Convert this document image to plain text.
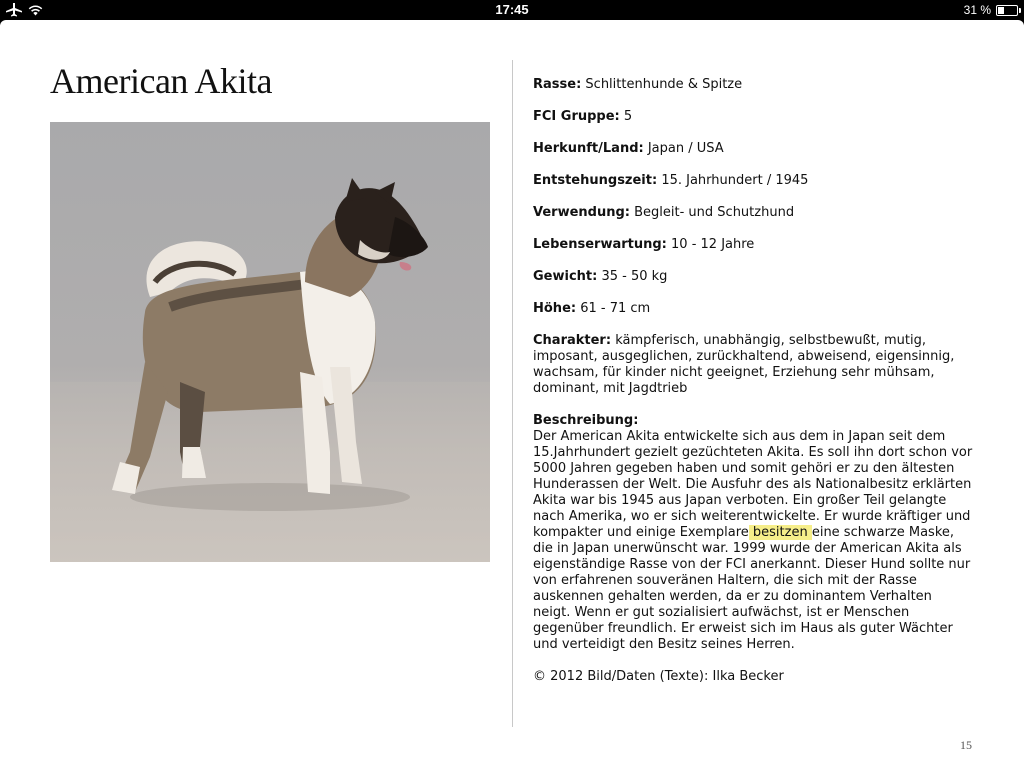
17:45	31 %
American Akita	Rasse: Schlittenhunde & Spitze
FCI Gruppe: 5
Herkunft/Land: Japan / USA
Entstehungszeit: 15. Jahrhundert / 1945
Verwendung: Begleit- und Schutzhund
Lebenserwartung: 10 - 12 Jahre
Gewicht: 35 - 50 kg
Höhe: 61 - 71 cm
Charakter: kämpferisch, unabhängig, selbstbewußt, mutig, imposant, ausgeglichen, zurückhaltend, abweisend, eigensinnig, wachsam, für kinder nicht geeignet, Erziehung sehr mühsam, dominant, mit Jagdtrieb
Beschreibung:
Der American Akita entwickelte sich aus dem in Japan seit dem 15.Jahrhundert gezielt gezüchteten Akita. Es soll ihn dort schon vor 5000 Jahren gegeben haben und somit gehöri er zu den ältesten Hunderassen der Welt. Die Ausfuhr des als Nationalbesitz erklärten Akita war bis 1945 aus Japan verboten. Ein großer Teil gelangte nach Amerika, wo er sich weiterentwickelte. Er wurde kräftiger und kompakter und einige Exemplare besitzen eine schwarze Maske, die in Japan unerwünscht war. 1999 wurde der American Akita als eigenständige Rasse von der FCI anerkannt. Dieser Hund sollte nur von erfahrenen souveränen Haltern, die sich mit der Rasse auskennen gehalten werden, da er zu dominantem Verhalten neigt. Wenn er gut sozialisiert aufwächst, ist er Menschen gegenüber freundlich. Er erweist sich im Haus als guter Wächter und verteidigt den Besitz seines Herren.
© 2012 Bild/Daten (Texte): Ilka Becker
15
